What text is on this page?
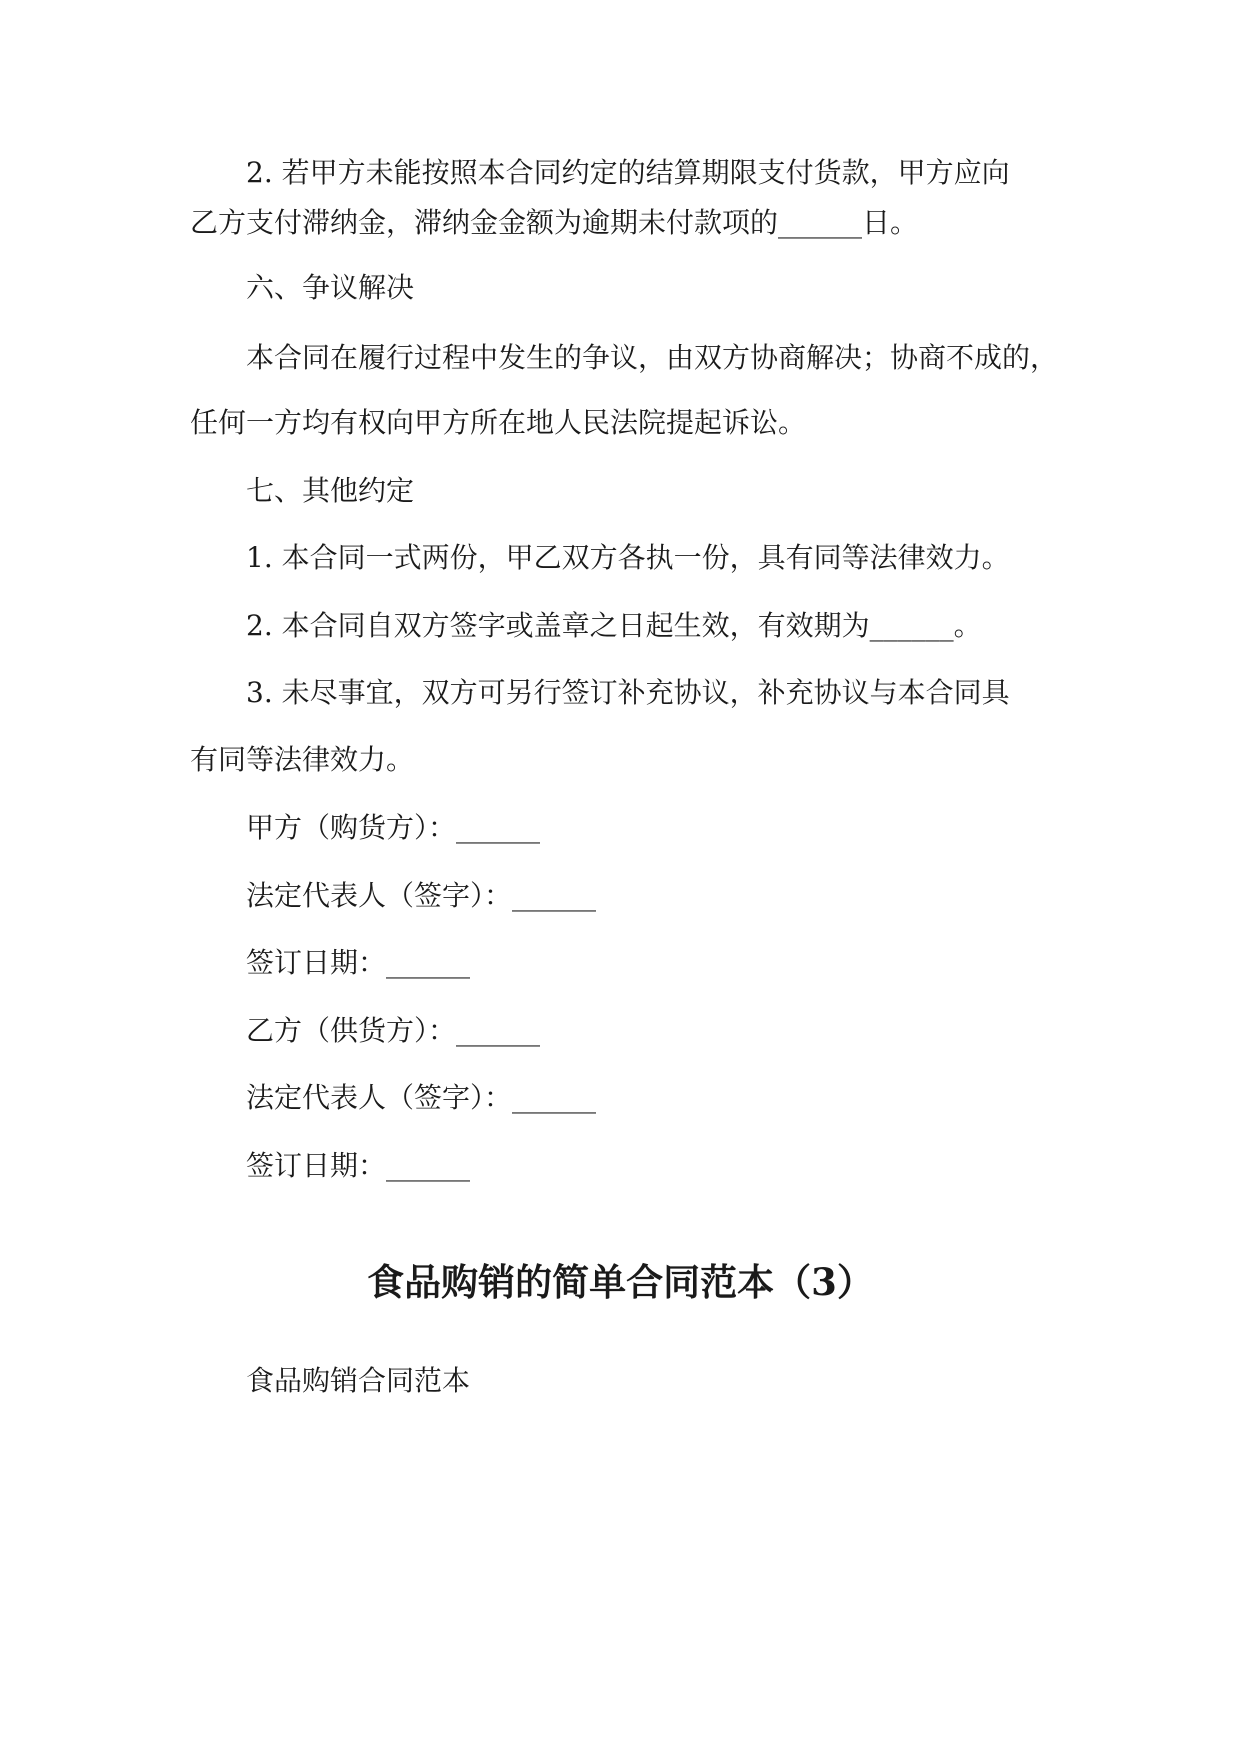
2. 若甲方未能按照本合同约定的结算期限支付货款，甲方应向
乙方支付滞纳金，滞纳金金额为逾期未付款项的______日。
六、争议解决
本合同在履行过程中发生的争议，由双方协商解决；协商不成的，
任何一方均有权向甲方所在地人民法院提起诉讼。
七、其他约定
1. 本合同一式两份，甲乙双方各执一份，具有同等法律效力。
2. 本合同自双方签字或盖章之日起生效，有效期为______。
3. 未尽事宜，双方可另行签订补充协议，补充协议与本合同具
有同等法律效力。
甲方（购货方）：______
法定代表人（签字）：______
签订日期：______
乙方（供货方）：______
法定代表人（签字）：______
签订日期：______
食品购销的简单合同范本（3）
食品购销合同范本
